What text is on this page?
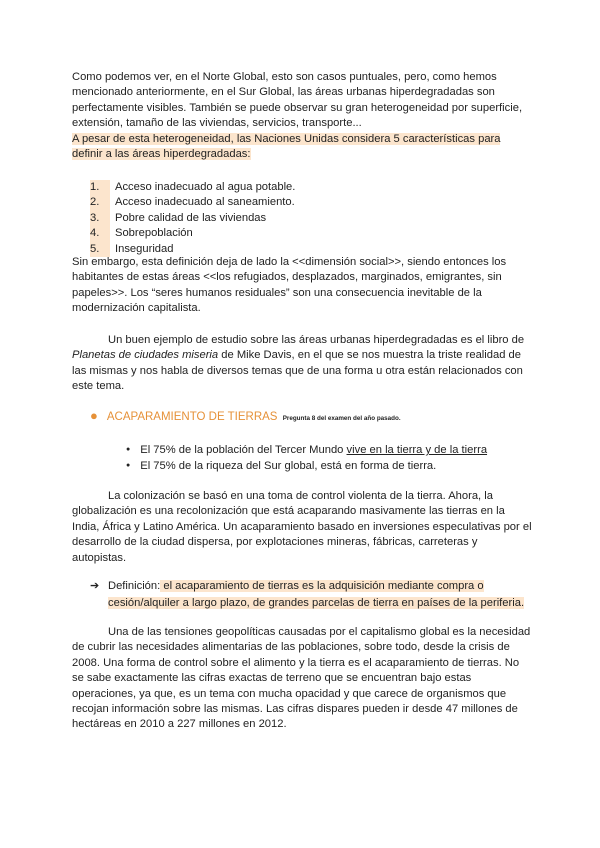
Como podemos ver, en el Norte Global, esto son casos puntuales, pero, como hemos mencionado anteriormente, en el Sur Global, las áreas urbanas hiperdegradadas son perfectamente visibles. También se puede observar su gran heterogeneidad por superficie, extensión, tamaño de las viviendas, servicios, transporte...
A pesar de esta heterogeneidad, las Naciones Unidas considera 5 características para definir a las áreas hiperdegradadas:
1.	Acceso inadecuado al agua potable.
2.	Acceso inadecuado al saneamiento.
3.	Pobre calidad de las viviendas
4.	Sobrepoblación
5.	Inseguridad
Sin embargo, esta definición deja de lado la <<dimensión social>>, siendo entonces los habitantes de estas áreas <<los refugiados, desplazados, marginados, emigrantes, sin papeles>>. Los “seres humanos residuales” son una consecuencia inevitable de la modernización capitalista.
Un buen ejemplo de estudio sobre las áreas urbanas hiperdegradadas es el libro de Planetas de ciudades miseria de Mike Davis, en el que se nos muestra la triste realidad de las mismas y nos habla de diversos temas que de una forma u otra están relacionados con este tema.
● ACAPARAMIENTO DE TIERRAS Pregunta 8 del examen del año pasado.
● El 75% de la población del Tercer Mundo vive en la tierra y de la tierra
● El 75% de la riqueza del Sur global, está en forma de tierra.
La colonización se basó en una toma de control violenta de la tierra. Ahora, la globalización es una recolonización que está acaparando masivamente las tierras en la India, África y Latino América. Un acaparamiento basado en inversiones especulativas por el desarrollo de la ciudad dispersa, por explotaciones mineras, fábricas, carreteras y autopistas.
➔ Definición: el acaparamiento de tierras es la adquisición mediante compra o cesión/alquiler a largo plazo, de grandes parcelas de tierra en países de la periferia.
Una de las tensiones geopolíticas causadas por el capitalismo global es la necesidad de cubrir las necesidades alimentarias de las poblaciones, sobre todo, desde la crisis de 2008. Una forma de control sobre el alimento y la tierra es el acaparamiento de tierras. No se sabe exactamente las cifras exactas de terreno que se encuentran bajo estas operaciones, ya que, es un tema con mucha opacidad y que carece de organismos que recojan información sobre las mismas. Las cifras dispares pueden ir desde 47 millones de hectáreas en 2010 a 227 millones en 2012.
